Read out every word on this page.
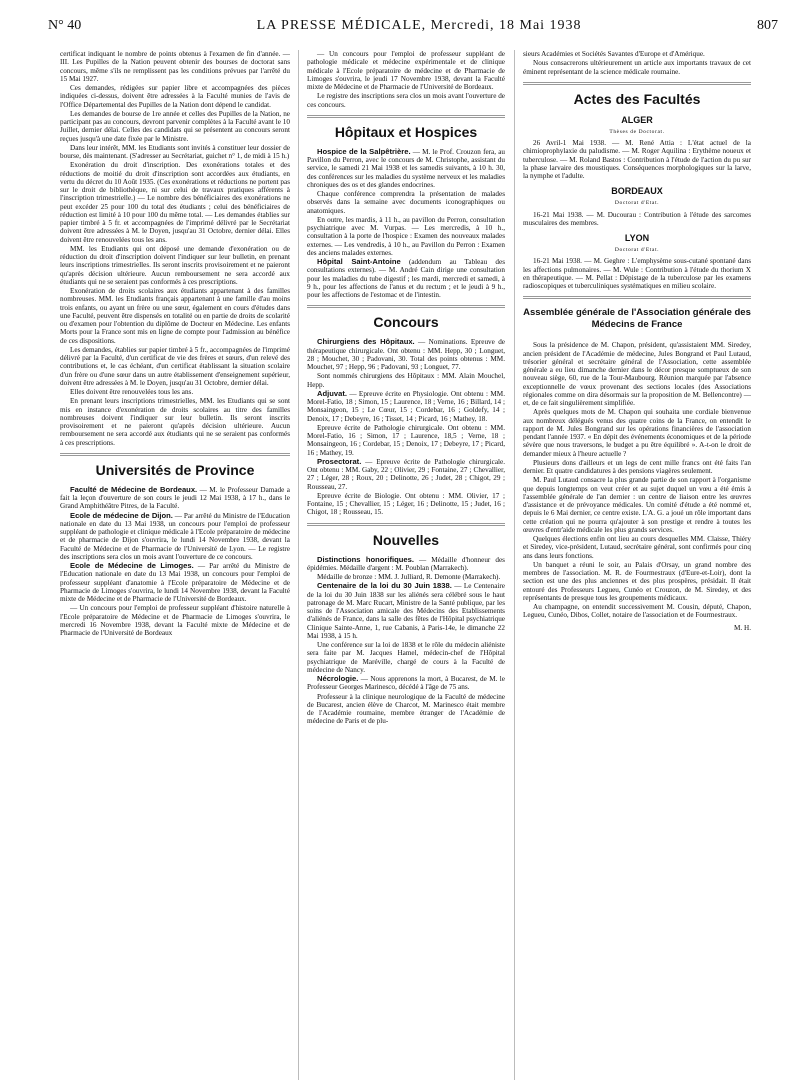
N° 40	LA PRESSE MÉDICALE, Mercredi, 18 Mai 1938	807

certificat indiquant le nombre de points obtenus à l'examen de fin d'année. — III. Les Pupilles de la Nation peuvent obtenir des bourses de doctorat sans concours, même s'ils ne remplissent pas les conditions prévues par l'arrêté du 15 Mai 1927.

Ces demandes, rédigées sur papier libre et accompagnées des pièces indiquées ci-dessus, doivent être adressées à la Faculté munies de l'avis de l'Office Départemental des Pupilles de la Nation dont dépend le candidat.

Les demandes de bourse de 1re année et celles des Pupilles de la Nation, ne participant pas au concours, devront parvenir complètes à la Faculté avant le 10 Juillet, dernier délai. Celles des candidats qui se présentent au concours seront reçues jusqu'à une date fixée par le Ministre.

Dans leur intérêt, MM. les Etudiants sont invités à constituer leur dossier de bourse, dès maintenant. (S'adresser au Secrétariat, guichet n° 1, de midi à 15 h.)

Exonération du droit d'inscription. Des exonérations totales et des réductions de moitié du droit d'inscription sont accordées aux étudiants, en vertu du décret du 10 Août 1935. (Ces exonérations et réductions ne portent pas sur le droit de bibliothèque, ni sur celui de travaux pratiques afférents à l'inscription trimestrielle.) — Le nombre des bénéficiaires des exonérations ne peut excéder 25 pour 100 du total des étudiants ; celui des bénéficiaires de réduction est limité à 10 pour 100 du même total. — Les demandes établies sur papier timbré à 5 fr. et accompagnées de l'imprimé délivré par le Secrétariat doivent être adressées à M. le Doyen, jusqu'au 31 Octobre, dernier délai. Elles doivent être renouvelées tous les ans.

MM. les Etudiants qui ont déposé une demande d'exonération ou de réduction du droit d'inscription doivent l'indiquer sur leur bulletin, en prenant leurs inscriptions trimestrielles. Ils seront inscrits provisoirement et ne paieront qu'après décision ultérieure. Aucun remboursement ne sera accordé aux étudiants qui ne se seraient pas conformés à ces prescriptions.

Exonération de droits scolaires aux étudiants appartenant à des familles nombreuses. MM. les Etudiants français appartenant à une famille d'au moins trois enfants, ou ayant un frère ou une sœur, également en cours d'études dans une Faculté, peuvent être dispensés en totalité ou en partie de droits de scolarité ou d'examen pour l'obtention du diplôme de Docteur en Médecine. Les enfants Morts pour la France sont mis en ligne de compte pour l'admission au bénéfice de ces dispositions.

Les demandes, établies sur papier timbré à 5 fr., accompagnées de l'imprimé délivré par la Faculté, d'un certificat de vie des frères et sœurs, d'un relevé des contributions et, le cas échéant, d'un certificat établissant la situation scolaire d'un frère ou d'une sœur dans un autre établissement d'enseignement supérieur, doivent être adressées à M. le Doyen, jusqu'au 31 Octobre, dernier délai.

Elles doivent être renouvelées tous les ans.

En prenant leurs inscriptions trimestrielles, MM. les Etudiants qui se sont mis en instance d'exonération de droits scolaires au titre des familles nombreuses doivent l'indiquer sur leur bulletin. Ils seront inscrits provisoirement et ne paieront qu'après décision ultérieure. Aucun remboursement ne sera accordé aux étudiants qui ne se seraient pas conformés à ces prescriptions.

Universités de Province

Faculté de Médecine de Bordeaux. — M. le Professeur Damade a fait la leçon d'ouverture de son cours le jeudi 12 Mai 1938, à 17 h., dans le Grand Amphithéâtre Pitres, de la Faculté.

Ecole de médecine de Dijon. — Par arrêté du Ministre de l'Education nationale en date du 13 Mai 1938, un concours pour l'emploi de professeur suppléant de pathologie et clinique médicale à l'Ecole préparatoire de médecine et de pharmacie de Dijon s'ouvrira, le lundi 14 Novembre 1938, devant la Faculté de Médecine et de Pharmacie de l'Université de Lyon. — Le registre des inscriptions sera clos un mois avant l'ouverture de ce concours.

Ecole de Médecine de Limoges. — Par arrêté du Ministre de l'Education nationale en date du 13 Mai 1938, un concours pour l'emploi de professeur suppléant d'anatomie à l'Ecole préparatoire de Médecine et de Pharmacie de Limoges s'ouvrira, le lundi 14 Novembre 1938, devant la Faculté mixte de Médecine et de Pharmacie de l'Université de Bordeaux.

— Un concours pour l'emploi de professeur suppléant d'histoire naturelle à l'Ecole préparatoire de Médecine et de Pharmacie de Limoges s'ouvrira, le mercredi 16 Novembre 1938, devant la Faculté mixte de Médecine et de Pharmacie de l'Université de Bordeaux

— Un concours pour l'emploi de professeur suppléant de pathologie médicale et médecine expérimentale et de clinique médicale à l'Ecole préparatoire de médecine et de Pharmacie de Limoges s'ouvrira, le jeudi 17 Novembre 1938, devant la Faculté mixte de Médecine et de Pharmacie de l'Université de Bordeaux.

Le registre des inscriptions sera clos un mois avant l'ouverture de ces concours.

Hôpitaux et Hospices

Hospice de la Salpêtrière. — M. le Prof. Crouzon fera, au Pavillon du Perron, avec le concours de M. Christophe, assistant du service, le samedi 21 Mai 1938 et les samedis suivants, à 10 h. 30, des conférences sur les maladies du système nerveux et les maladies chroniques des os et des glandes endocrines.

Chaque conférence comprendra la présentation de malades observés dans la semaine avec documents iconographiques ou anatomiques.

En outre, les mardis, à 11 h., au pavillon du Perron, consultation psychiatrique avec M. Vurpas. — Les mercredis, à 10 h., consultation à la porte de l'hospice : Examen des nouveaux malades externes. — Les vendredis, à 10 h., au Pavillon du Perron : Examen des anciens malades externes.

Hôpital Saint-Antoine (addendum au Tableau des consultations externes). — M. André Cain dirige une consultation pour les maladies du tube digestif ; les mardi, mercredi et samedi, à 9 h., pour les affections de l'anus et du rectum ; et le jeudi à 9 h., pour les affections de l'estomac et de l'intestin.

Concours

Chirurgiens des Hôpitaux. — Nominations. Epreuve de thérapeutique chirurgicale. Ont obtenu : MM. Hepp, 30 ; Longuet, 28 ; Mouchet, 30 ; Padovani, 30. Total des points obtenus : MM. Mouchet, 97 ; Hepp, 96 ; Padovani, 93 ; Longuet, 77.

Sont nommés chirurgiens des Hôpitaux : MM. Alain Mouchel, Hepp.

Adjuvat. — Epreuve écrite en Physiologie. Ont obtenu : MM. Morel-Fatio, 18 ; Simon, 15 ; Laurence, 18 ; Verne, 16 ; Billard, 14 ; Monsaingeon, 15 ; Le Cœur, 15 ; Cordebar, 16 ; Goldefy, 14 ; Denoix, 17 ; Debeyre, 16 ; Tisset, 14 ; Picard, 16 ; Mathey, 18.

Epreuve écrite de Pathologie chirurgicale. Ont obtenu : MM. Morel-Fatio, 16 ; Simon, 17 ; Laurence, 18,5 ; Verne, 18 ; Monsaingeon, 16 ; Cordebar, 15 ; Denoix, 17 ; Debeyre, 17 ; Picard, 16 ; Mathey, 19.

Prosectorat. — Epreuve écrite de Pathologie chirurgicale. Ont obtenu : MM. Gaby, 22 ; Olivier, 29 ; Fontaine, 27 ; Chevallier, 27 ; Léger, 28 ; Roux, 20 ; Delinotte, 26 ; Judet, 28 ; Chigot, 29 ; Rousseau, 27.

Epreuve écrite de Biologie. Ont obtenu : MM. Olivier, 17 ; Fontaine, 15 ; Chevallier, 15 ; Léger, 16 ; Delinotte, 15 ; Judet, 16 ; Chigot, 18 ; Rousseau, 15.

Nouvelles

Distinctions honorifiques. — Médaille d'honneur des épidémies. Médaille d'argent : M. Poublan (Marrakech).

Médaille de bronze : MM. J. Julliard, R. Demonte (Marrakech).

Centenaire de la loi du 30 Juin 1838. — Le Centenaire de la loi du 30 Juin 1838 sur les aliénés sera célébré sous le haut patronage de M. Marc Rucart, Ministre de la Santé publique, par les soins de l'Association amicale des Médecins des Etablissements d'aliénés de France, dans la salle des fêtes de l'Hôpital psychiatrique Clinique Sainte-Anne, 1, rue Cabanis, à Paris-14e, le dimanche 22 Mai 1938, à 15 h.

Une conférence sur la loi de 1838 et le rôle du médecin aliéniste sera faite par M. Jacques Hamel, médecin-chef de l'Hôpital psychiatrique de Maréville, chargé de cours à la Faculté de médecine de Nancy.

Nécrologie. — Nous apprenons la mort, à Bucarest, de M. le Professeur Georges Marinesco, décédé à l'âge de 75 ans.

Professeur à la clinique neurologique de la Faculté de médecine de Bucarest, ancien élève de Charcot, M. Marinesco était membre de l'Académie roumaine, membre étranger de l'Académie de médecine de Paris et de plu-

sieurs Académies et Sociétés Savantes d'Europe et d'Amérique.

Nous consacrerons ultérieurement un article aux importants travaux de cet éminent représentant de la science médicale roumaine.

Actes des Facultés
ALGER

Thèses de Doctorat.

26 Avril-1 Mai 1938. — M. René Attia : L'état actuel de la chimioprophylaxie du paludisme. — M. Roger Aquilina : Erythème noueux et tuberculose. — M. Roland Bastos : Contribution à l'étude de l'action du pu sur la phase larvaire des moustiques. Conséquences morphologiques sur la larve, la nymphe et l'adulte.

BORDEAUX

Doctorat d'Etat.

16-21 Mai 1938. — M. Ducourau : Contribution à l'étude des sarcomes musculaires des membres.

LYON

Doctorat d'Etat.

16-21 Mai 1938. — M. Geghre : L'emphysème sous-cutané spontané dans les affections pulmonaires. — M. Wule : Contribution à l'étude du thorium X en thérapeutique. — M. Pellat : Dépistage de la tuberculose par les examens radioscopiques et tuberculiniques systématiques en milieu scolaire.

Assemblée générale de l'Association générale des Médecins de France

Sous la présidence de M. Chapon, président, qu'assistaient MM. Siredey, ancien président de l'Académie de médecine, Jules Bongrand et Paul Lutaud, trésorier général et secrétaire général de l'Association, cette assemblée générale a eu lieu dimanche dernier dans le décor presque somptueux de son nouveau siège, 60, rue de la Tour-Maubourg. Réunion marquée par l'absence exceptionnelle de vœux provenant des sections locales (des Associations régionales comme on dira désormais sur la proposition de M. Bellencontre) — et, de ce fait singulièrement simplifiée.

Après quelques mots de M. Chapon qui souhaita une cordiale bienvenue aux nombreux délégués venus des quatre coins de la France, on entendit le rapport de M. Jules Bongrand sur les opérations financières de l'association pendant l'année 1937. « En dépit des événements économiques et de la période sévère que nous traversons, le budget a pu être équilibré ». A-t-on le droit de demander mieux à l'heure actuelle ?

Plusieurs dons d'ailleurs et un legs de cent mille francs ont été faits l'an dernier. Et quatre candidatures à des pensions viagères seulement.

M. Paul Lutaud consacre la plus grande partie de son rapport à l'organisme que depuis longtemps on veut créer et au sujet duquel un vœu a été émis à l'assemblée générale de l'an dernier : un centre de liaison entre les œuvres d'assistance et de prévoyance médicales. Un comité d'étude a été nommé et, depuis le 6 Mai dernier, ce centre existe. L'A. G. a joué un rôle important dans cette création qui ne pourra qu'ajouter à son prestige et rendre à toutes les œuvres d'entr'aide médicale les plus grands services.

Quelques élections enfin ont lieu au cours desquelles MM. Claisse, Thiéry et Siredey, vice-président, Lutaud, secrétaire général, sont confirmés pour cinq ans dans leurs fonctions.

Un banquet a réuni le soir, au Palais d'Orsay, un grand nombre des membres de l'association. M. R. de Fourmestraux (d'Eure-et-Loir), dont la section est une des plus anciennes et des plus prospères, présidait. Il était entouré des Professeurs Legueu, Cunéo et Crouzon, de M. Siredey, et des représentants de presque tous les groupements médicaux.

Au champagne, on entendit successivement M. Cousin, député, Chapon, Legueu, Cunéo, Dibos, Collet, notaire de l'association et de Fourmestraux.

M. H.
